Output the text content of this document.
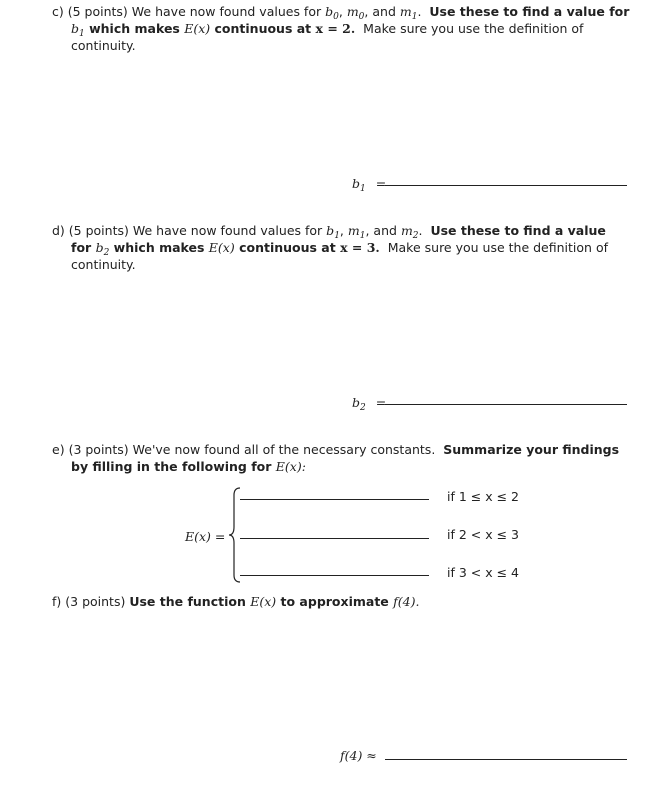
c) (5 points) We have now found values for $b_0$, $m_0$, and $m_1$.  Use these to find a value for $b_1$ which makes E(x) continuous at x = 2. Make sure you use the definition of continuity.
$b_1$ =
d) (5 points) We have now found values for $b_1$, $m_1$, and $m_2$.  Use these to find a value for $b_2$ which makes E(x) continuous at x = 3. Make sure you use the definition of continuity.
$b_2$ =
e) (3 points) We've now found all of the necessary constants. Summarize your findings by filling in the following for E(x):
E(x) =
if 1 ≤ x ≤ 2
if 2 < x ≤ 3
if 3 < x ≤ 4
f) (3 points) Use the function E(x) to approximate f(4).
f(4) ≈
